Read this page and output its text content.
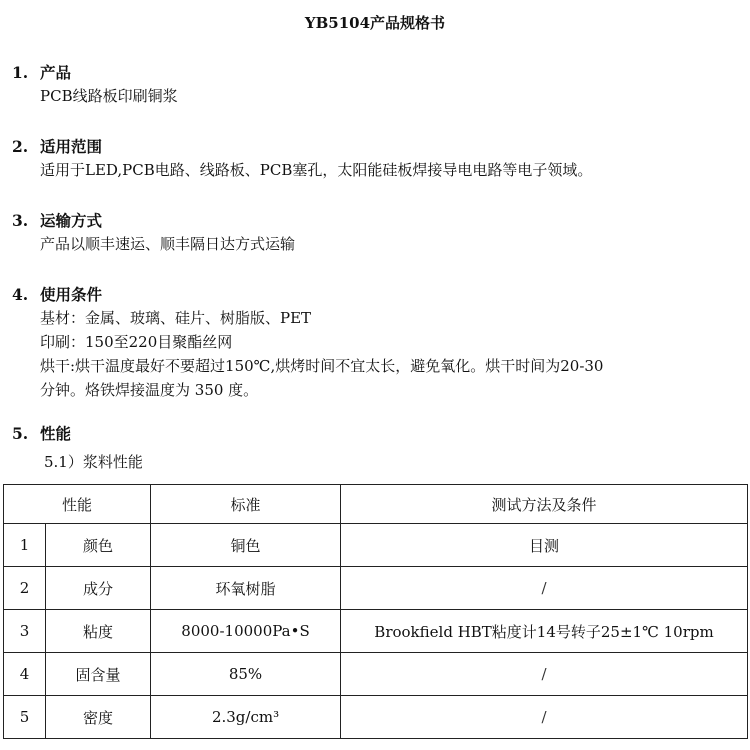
YB5104产品规格书
1. 产品
PCB线路板印刷铜浆
2. 适用范围
适用于LED,PCB电路、线路板、PCB塞孔，太阳能硅板焊接导电电路等电子领域。
3. 运输方式
产品以顺丰速运、顺丰隔日达方式运输
4. 使用条件
基材：金属、玻璃、硅片、树脂版、PET
印刷：150至220目聚酯丝网
烘干:烘干温度最好不要超过150℃,烘烤时间不宜太长，避免氧化。烘干时间为20-30
分钟。烙铁焊接温度为 350 度。
5. 性能
5.1）浆料性能
性能		标准	测试方法及条件
1	颜色	铜色	目测
2	成分	环氧树脂	/
3	粘度	8000-10000Pa•S	Brookfield HBT粘度计14号转子25±1℃ 10rpm
4	固含量	85%	/
5	密度	2.3g/cm³	/
